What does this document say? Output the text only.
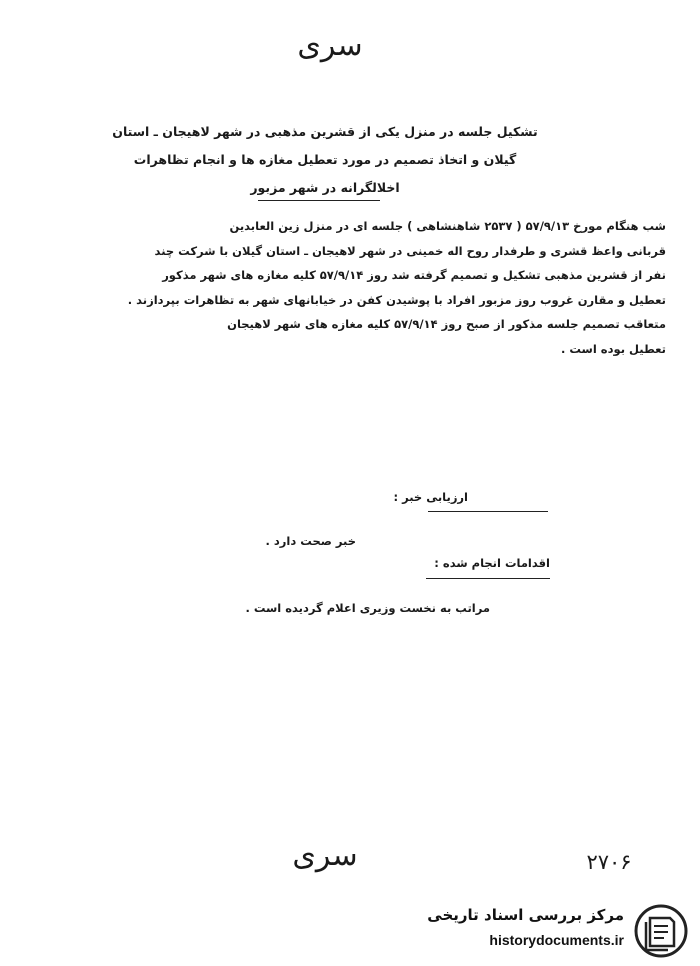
سری
تشکیل جلسه در منزل یکی از قشرین مذهبی در شهر لاهیجان ـ استان
گیلان و اتخاذ تصمیم در مورد تعطیل مغازه ها و انجام تظاهرات
اخلالگرانه در شهر مزبور

شب هنگام مورخ ۵۷/۹/۱۳ ( ۲۵۳۷ شاهنشاهی ) جلسه ای در منزل زین العابدین

قربانی واعظ قشری و طرفدار روح اله خمینی در شهر لاهیجان ـ استان گیلان با شرکت چند

نفر از قشرین مذهبی تشکیل و تصمیم گرفته شد روز ۵۷/۹/۱۴ کلیه مغازه های شهر مذکور

تعطیل و مقارن غروب روز مزبور افراد با پوشیدن کفن در خیابانهای شهر به تظاهرات بپردازند .

متعاقب تصمیم جلسه مذکور از صبح روز ۵۷/۹/۱۴ کلیه مغازه های شهر لاهیجان

تعطیل بوده است .

ارزیابی خبر :
خبر صحت دارد .
اقدامات انجام شده :
مراتب به نخست وزیری اعلام گردیده است .
سری	۲۷۰۶
مرکز بررسی اسناد تاریخی
historydocuments.ir
